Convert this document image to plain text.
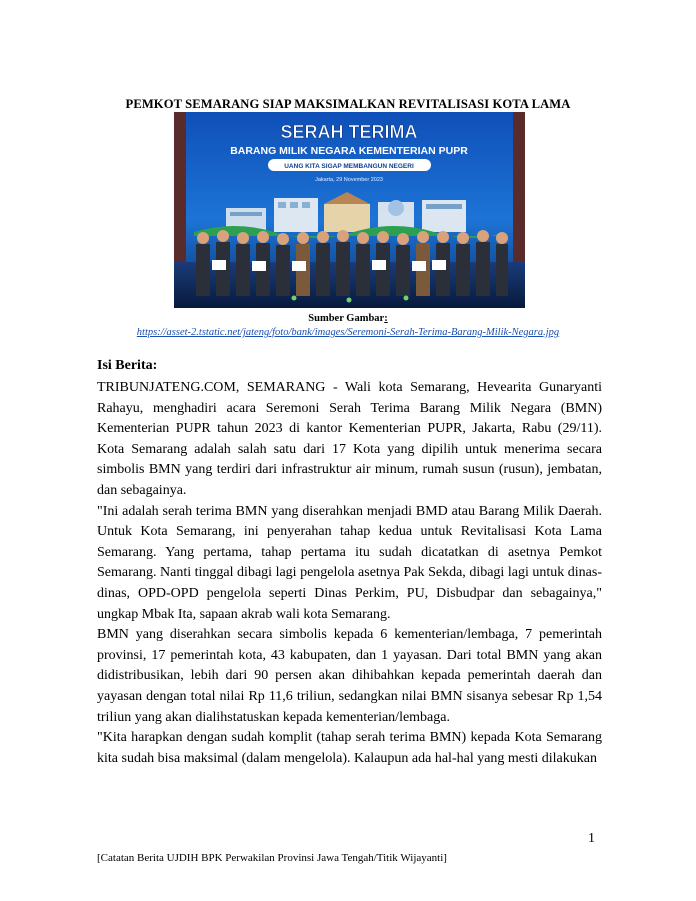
PEMKOT SEMARANG SIAP MAKSIMALKAN REVITALISASI KOTA LAMA
SERAH TERIMA
BARANG MILIK NEGARA KEMENTERIAN PUPR
UANG KITA SIGAP MEMBANGUN NEGERI
Jakarta, 29 November 2023
Sumber Gambar:
https://asset-2.tstatic.net/jateng/foto/bank/images/Seremoni-Serah-Terima-Barang-Milik-Negara.jpg
Isi Berita:

TRIBUNJATENG.COM, SEMARANG - Wali kota Semarang, Hevearita Gunaryanti Rahayu, menghadiri acara Seremoni Serah Terima Barang Milik Negara (BMN) Kementerian PUPR tahun 2023 di kantor Kementerian PUPR, Jakarta, Rabu (29/11). Kota Semarang adalah salah satu dari 17 Kota yang dipilih untuk menerima secara simbolis BMN yang terdiri dari infrastruktur air minum, rumah susun (rusun), jembatan, dan sebagainya.

"Ini adalah serah terima BMN yang diserahkan menjadi BMD atau Barang Milik Daerah. Untuk Kota Semarang, ini penyerahan tahap kedua untuk Revitalisasi Kota Lama Semarang. Yang pertama, tahap pertama itu sudah dicatatkan di asetnya Pemkot Semarang. Nanti tinggal dibagi lagi pengelola asetnya Pak Sekda, dibagi lagi untuk dinas-dinas, OPD-OPD pengelola seperti Dinas Perkim, PU, Disbudpar dan sebagainya," ungkap Mbak Ita, sapaan akrab wali kota Semarang.

BMN yang diserahkan secara simbolis kepada 6 kementerian/lembaga, 7 pemerintah provinsi, 17 pemerintah kota, 43 kabupaten, dan 1 yayasan. Dari total BMN yang akan didistribusikan, lebih dari 90 persen akan dihibahkan kepada pemerintah daerah dan yayasan dengan total nilai Rp 11,6 triliun, sedangkan nilai BMN sisanya sebesar Rp 1,54 triliun yang akan dialihstatuskan kepada kementerian/lembaga.

"Kita harapkan dengan sudah komplit (tahap serah terima BMN) kepada Kota Semarang kita sudah bisa maksimal (dalam mengelola). Kalaupun ada hal-hal yang mesti dilakukan

1
[Catatan Berita UJDIH BPK Perwakilan Provinsi Jawa Tengah/Titik Wijayanti]
